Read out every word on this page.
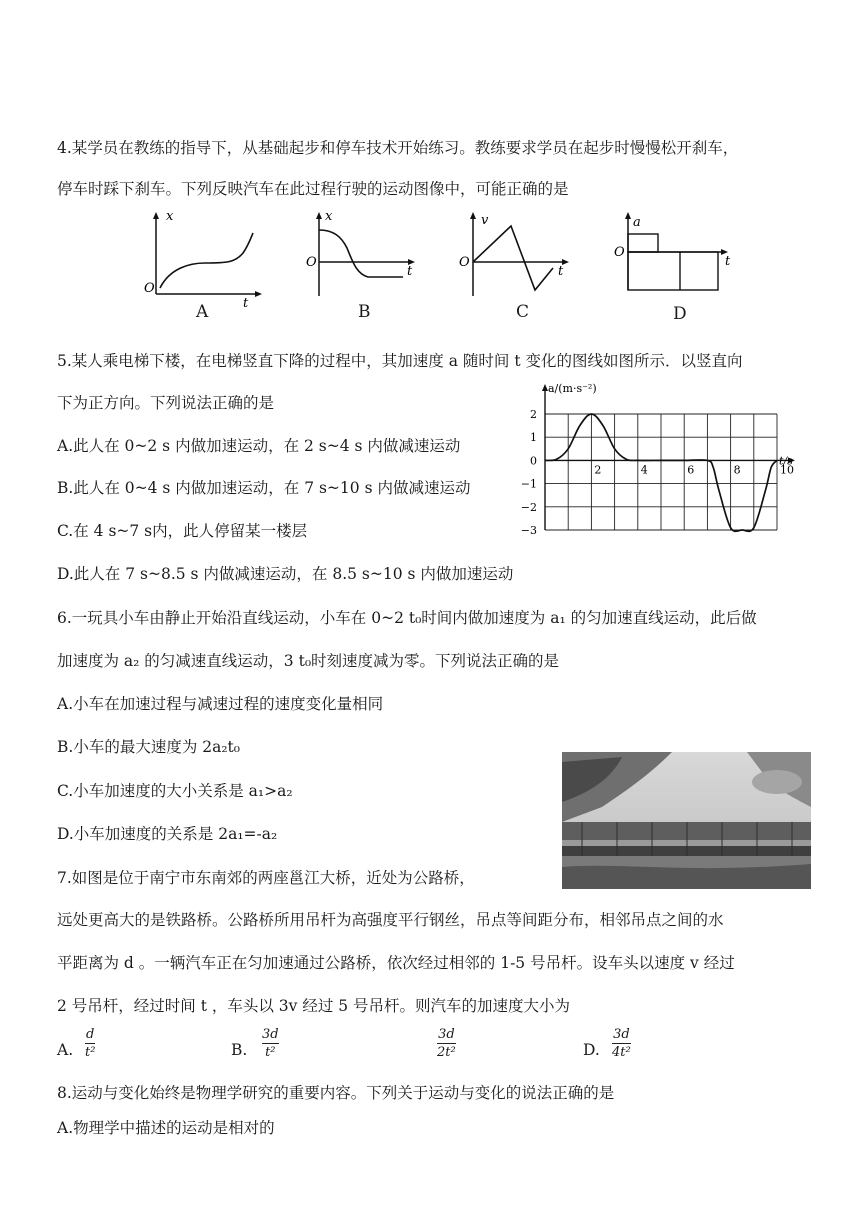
4.某学员在教练的指导下，从基础起步和停车技术开始练习。教练要求学员在起步时慢慢松开刹车，
停车时踩下刹车。下列反映汽车在此过程行驶的运动图像中，可能正确的是
x
t
O
A
x
t
O
B
v
t
O
C
a
t
O
D
5.某人乘电梯下楼，在电梯竖直下降的过程中，其加速度 a 随时间 t 变化的图线如图所示．以竖直向
下为正方向。下列说法正确的是
A.此人在 0~2 s 内做加速运动，在 2 s~4 s 内做减速运动
B.此人在 0~4 s 内做加速运动，在 7 s~10 s 内做减速运动
C.在 4 s~7 s内，此人停留某一楼层
D.此人在 7 s~8.5 s 内做减速运动，在 8.5 s~10 s 内做加速运动
2
1
0
−1
−2
−3
2	4	6	8	10
a/(m·s⁻²)
t/s
6.一玩具小车由静止开始沿直线运动，小车在 0~2 t₀时间内做加速度为 a₁ 的匀加速直线运动，此后做
加速度为 a₂ 的匀减速直线运动，3 t₀时刻速度减为零。下列说法正确的是
A.小车在加速过程与减速过程的速度变化量相同
B.小车的最大速度为 2a₂t₀
C.小车加速度的大小关系是 a₁>a₂
D.小车加速度的关系是 2a₁=-a₂
7.如图是位于南宁市东南郊的两座邕江大桥，近处为公路桥，
远处更高大的是铁路桥。公路桥所用吊杆为高强度平行钢丝，吊点等间距分布，相邻吊点之间的水
平距离为 d 。一辆汽车正在匀加速通过公路桥，依次经过相邻的 1-5 号吊杆。设车头以速度 v 经过
2 号吊杆，经过时间 t ，车头以 3v 经过 5 号吊杆。则汽车的加速度大小为
A.
d
t²	B.
3d
t²
3d
2t²	D.
3d
4t²
8.运动与变化始终是物理学研究的重要内容。下列关于运动与变化的说法正确的是
A.物理学中描述的运动是相对的
